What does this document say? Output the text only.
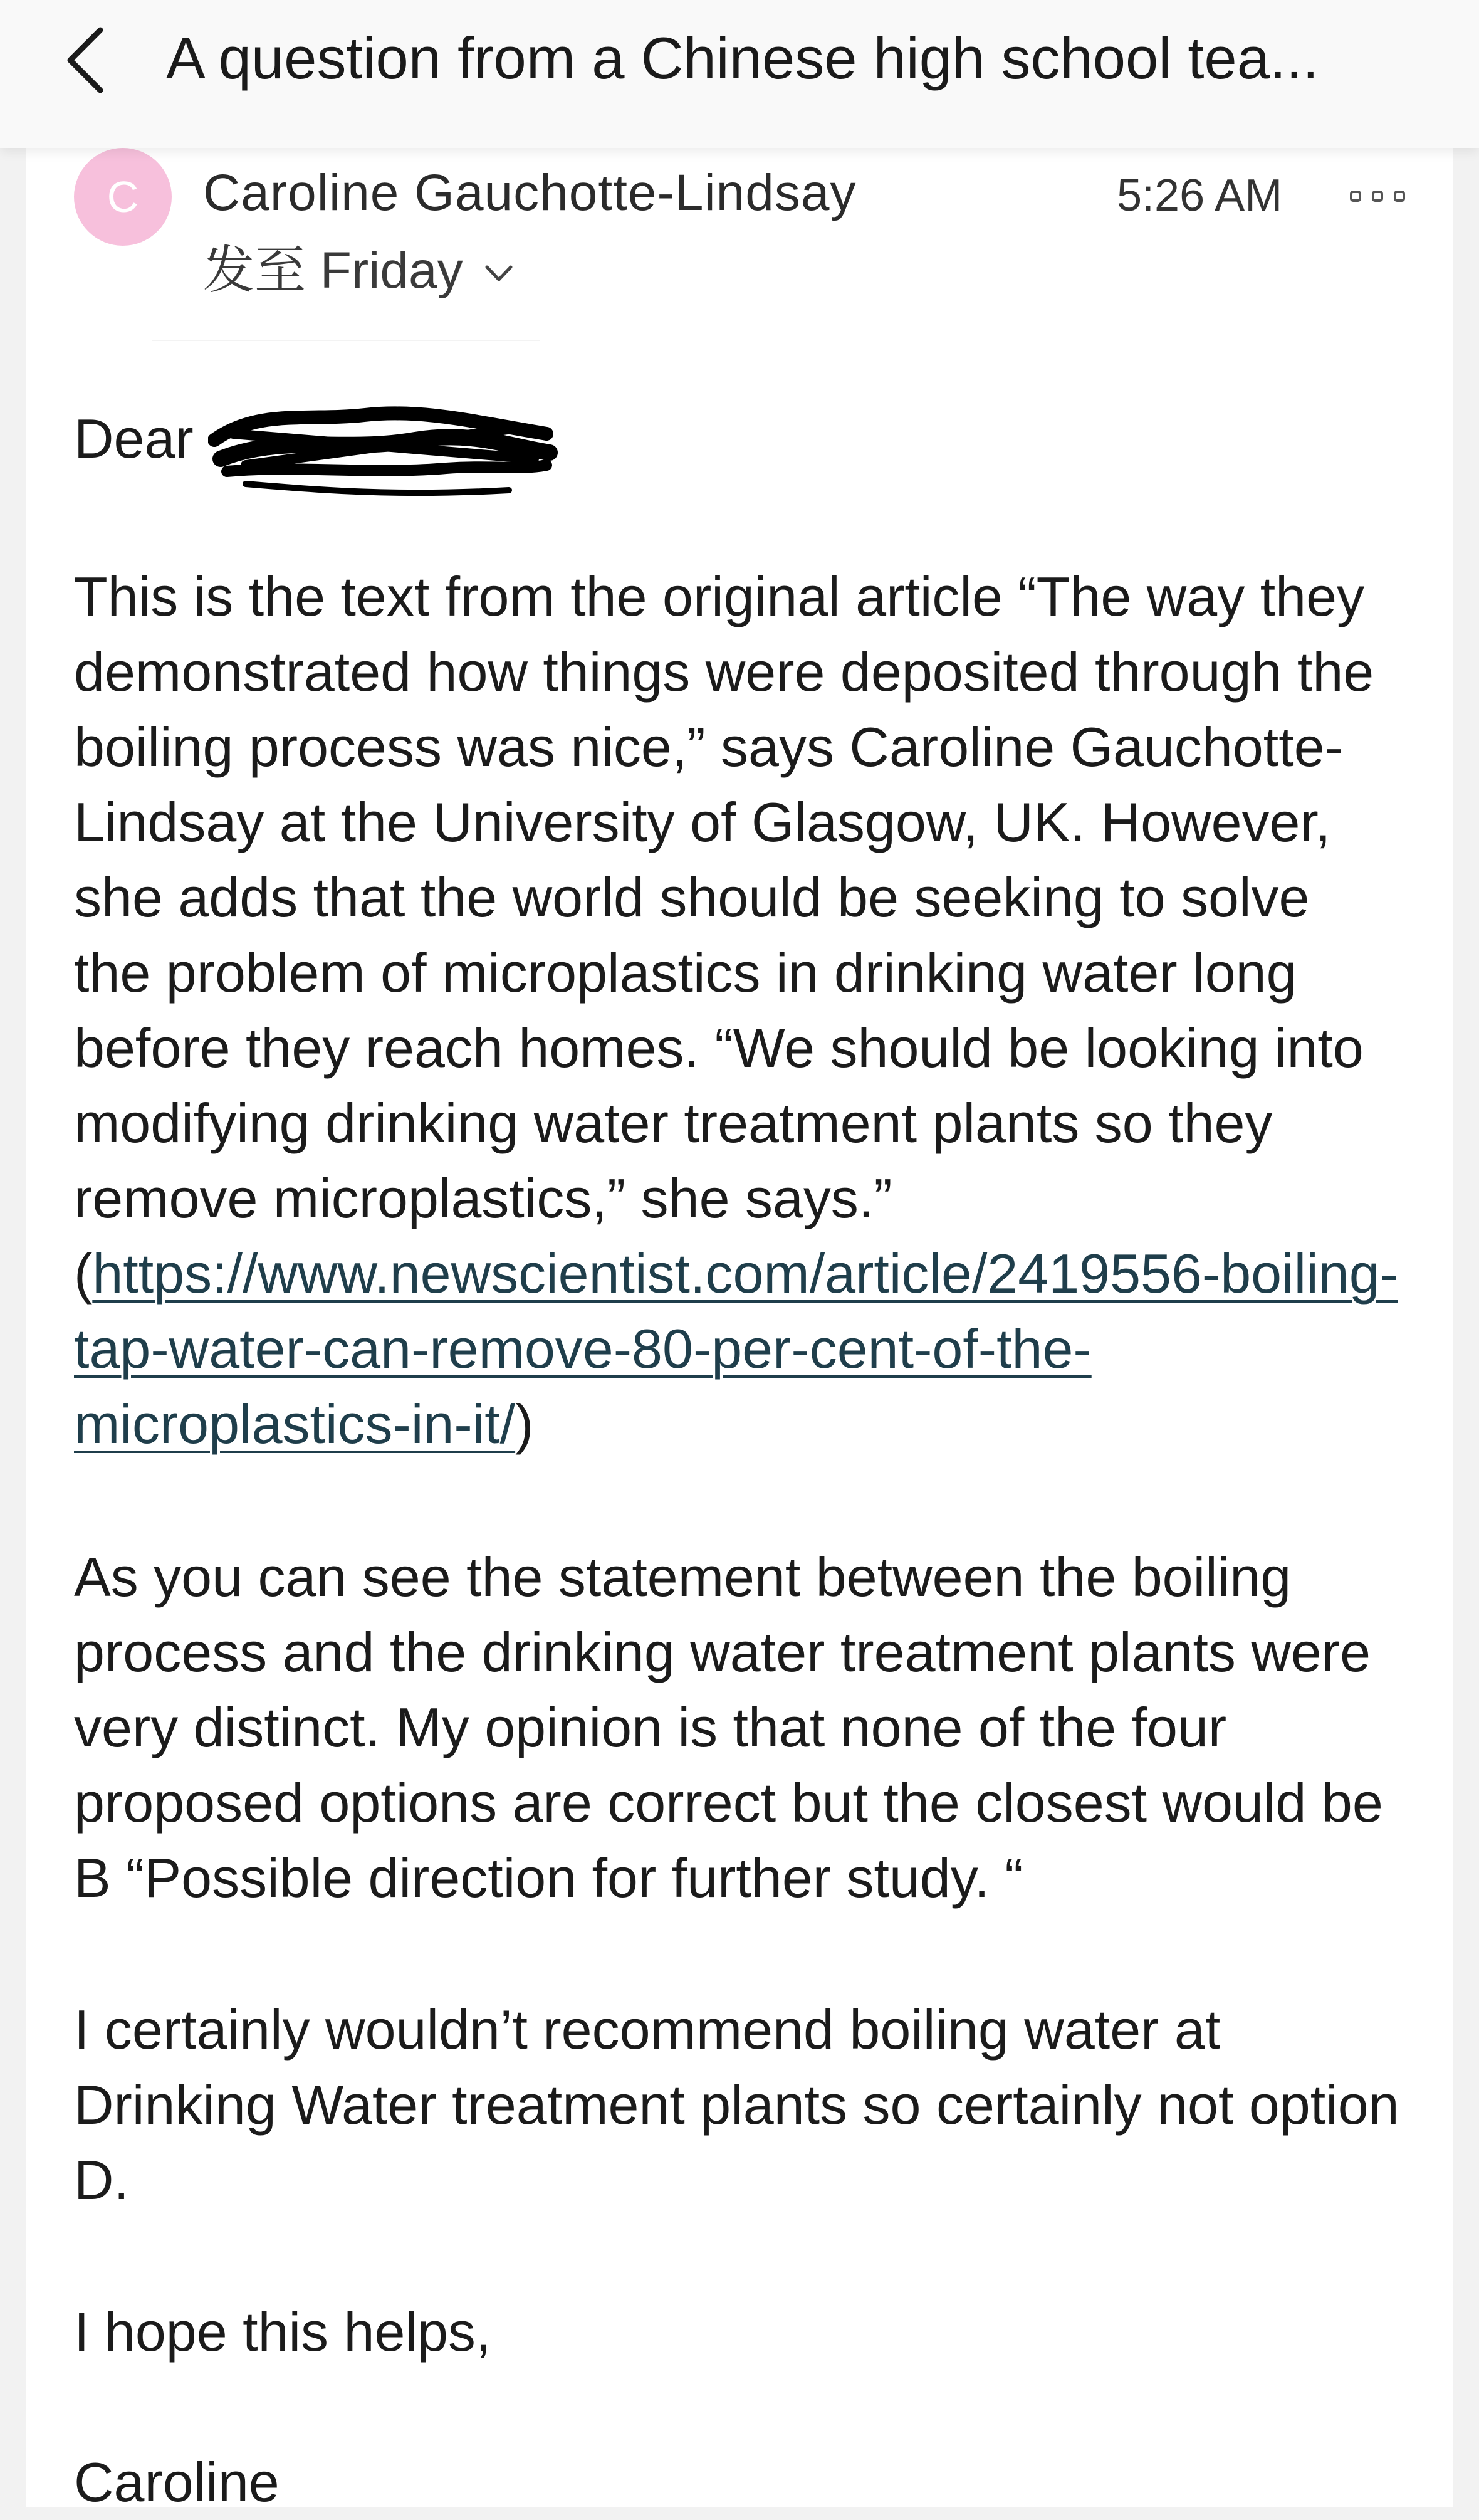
A question from a Chinese high school tea...
C	Caroline Gauchotte-Lindsay	5:26 AM
发至 Friday
Dear
This is the text from the original article “The way they
demonstrated how things were deposited through the
boiling process was nice,” says Caroline Gauchotte-
Lindsay at the University of Glasgow, UK. However,
she adds that the world should be seeking to solve
the problem of microplastics in drinking water long
before they reach homes. “We should be looking into
modifying drinking water treatment plants so they
remove microplastics,” she says.”
(https://www.newscientist.com/article/2419556-boiling-
tap-water-can-remove-80-per-cent-of-the-
microplastics-in-it/)
As you can see the statement between the boiling
process and the drinking water treatment plants were
very distinct. My opinion is that none of the four
proposed options are correct but the closest would be
B “Possible direction for further study. “
I certainly wouldn’t recommend boiling water at
Drinking Water treatment plants so certainly not option
D.
I hope this helps,
Caroline
